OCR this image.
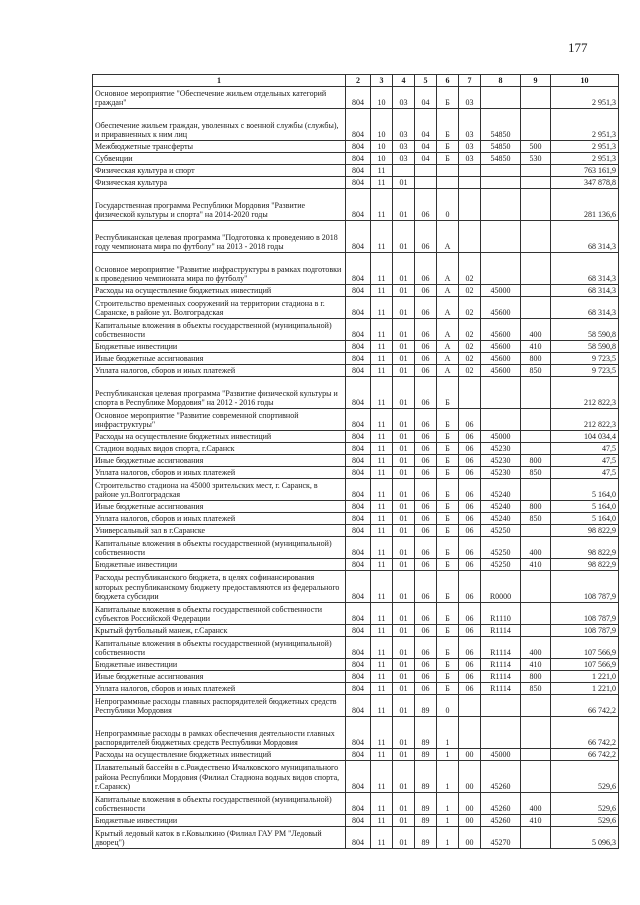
177
1	2	3	4	5	6	7	8	9	10
Основное мероприятие "Обеспечение жильем отдельных категорий граждан"	804	10	03	04	Б	03			2 951,3
Обеспечение жильем граждан, уволенных с военной службы (службы), и приравненных к ним лиц	804	10	03	04	Б	03	54850		2 951,3
Межбюджетные трансферты	804	10	03	04	Б	03	54850	500	2 951,3
Субвенции	804	10	03	04	Б	03	54850	530	2 951,3
Физическая культура и спорт	804	11							763 161,9
Физическая культура	804	11	01						347 878,8
Государственная программа Республики Мордовия "Развитие физической культуры и спорта" на 2014-2020 годы	804	11	01	06	0				281 136,6
Республиканская целевая программа "Подготовка к проведению в 2018 году чемпионата мира по футболу" на 2013 - 2018 годы	804	11	01	06	А				68 314,3
Основное мероприятие "Развитие инфраструктуры в рамках подготовки к проведению чемпионата мира по футболу"	804	11	01	06	А	02			68 314,3
Расходы на осуществление бюджетных инвестиций	804	11	01	06	А	02	45000		68 314,3
Строительство временных сооружений на территории стадиона в г. Саранске, в районе ул. Волгоградская	804	11	01	06	А	02	45600		68 314,3
Капитальные вложения в объекты государственной (муниципальной) собственности	804	11	01	06	А	02	45600	400	58 590,8
Бюджетные инвестиции	804	11	01	06	А	02	45600	410	58 590,8
Иные бюджетные ассигнования	804	11	01	06	А	02	45600	800	9 723,5
Уплата налогов, сборов и иных платежей	804	11	01	06	А	02	45600	850	9 723,5
Республиканская целевая программа "Развитие физической культуры и спорта в Республике Мордовия" на 2012 - 2016 годы	804	11	01	06	Б				212 822,3
Основное мероприятие "Развитие современной спортивной инфраструктуры"	804	11	01	06	Б	06			212 822,3
Расходы на осуществление бюджетных инвестиций	804	11	01	06	Б	06	45000		104 034,4
Стадион водных видов спорта, г.Саранск	804	11	01	06	Б	06	45230		47,5
Иные бюджетные ассигнования	804	11	01	06	Б	06	45230	800	47,5
Уплата налогов, сборов и иных платежей	804	11	01	06	Б	06	45230	850	47,5
Строительство стадиона на 45000 зрительских мест, г. Саранск, в районе ул.Волгоградская	804	11	01	06	Б	06	45240		5 164,0
Иные бюджетные ассигнования	804	11	01	06	Б	06	45240	800	5 164,0
Уплата налогов, сборов и иных платежей	804	11	01	06	Б	06	45240	850	5 164,0
Универсальный зал в г.Саранске	804	11	01	06	Б	06	45250		98 822,9
Капитальные вложения в объекты государственной (муниципальной) собственности	804	11	01	06	Б	06	45250	400	98 822,9
Бюджетные инвестиции	804	11	01	06	Б	06	45250	410	98 822,9
Расходы республиканского бюджета, в целях софинансирования которых республиканскому бюджету предоставляются из федерального бюджета субсидии	804	11	01	06	Б	06	R0000		108 787,9
Капитальные вложения в объекты государственной собственности субъектов Российской Федерации	804	11	01	06	Б	06	R1110		108 787,9
Крытый футбольный манеж, г.Саранск	804	11	01	06	Б	06	R1114		108 787,9
Капитальные вложения в объекты государственной (муниципальной) собственности	804	11	01	06	Б	06	R1114	400	107 566,9
Бюджетные инвестиции	804	11	01	06	Б	06	R1114	410	107 566,9
Иные бюджетные ассигнования	804	11	01	06	Б	06	R1114	800	1 221,0
Уплата налогов, сборов и иных платежей	804	11	01	06	Б	06	R1114	850	1 221,0
Непрограммные расходы главных распорядителей бюджетных средств Республики Мордовия	804	11	01	89	0				66 742,2
Непрограммные расходы в рамках обеспечения деятельности главных распорядителей бюджетных средств Республики Мордовия	804	11	01	89	1				66 742,2
Расходы на осуществление бюджетных инвестиций	804	11	01	89	1	00	45000		66 742,2
Плавательный бассейн в с.Рождествено Ичалковского муниципального района Республики Мордовия (Филиал Стадиона водных видов спорта, г.Саранск)	804	11	01	89	1	00	45260		529,6
Капитальные вложения в объекты государственной (муниципальной) собственности	804	11	01	89	1	00	45260	400	529,6
Бюджетные инвестиции	804	11	01	89	1	00	45260	410	529,6
Крытый ледовый каток в г.Ковылкино (Филиал ГАУ РМ "Ледовый дворец")	804	11	01	89	1	00	45270		5 096,3
